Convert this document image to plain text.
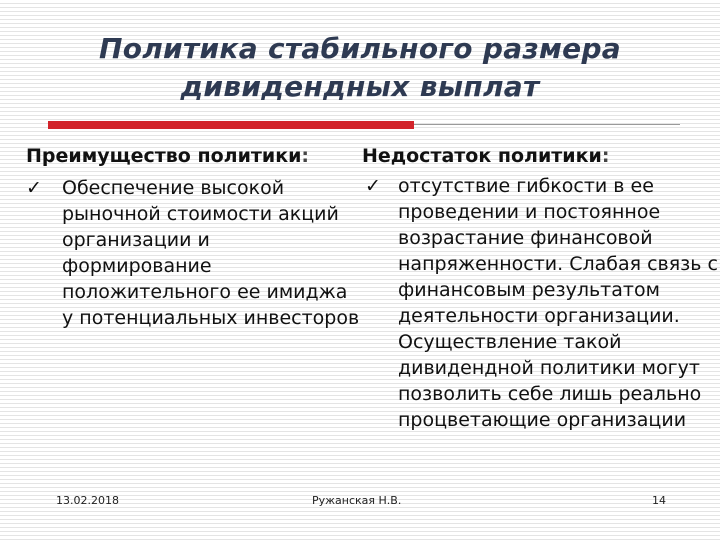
Политика стабильного размера
дивидендных выплат
Преимущество политики:
✓	Обеспечение высокой рыночной стоимости акций организации и формирование положительного ее имиджа у потенциальных инвесторов
Недостаток политики:
✓ отсутствие гибкости в ее проведении и постоянное возрастание финансовой напряженности. Слабая связь с финансовым результатом деятельности организации. Осуществление такой дивидендной политики могут позволить себе лишь реально процветающие организации
13.02.2018	Ружанская Н.В.	14
